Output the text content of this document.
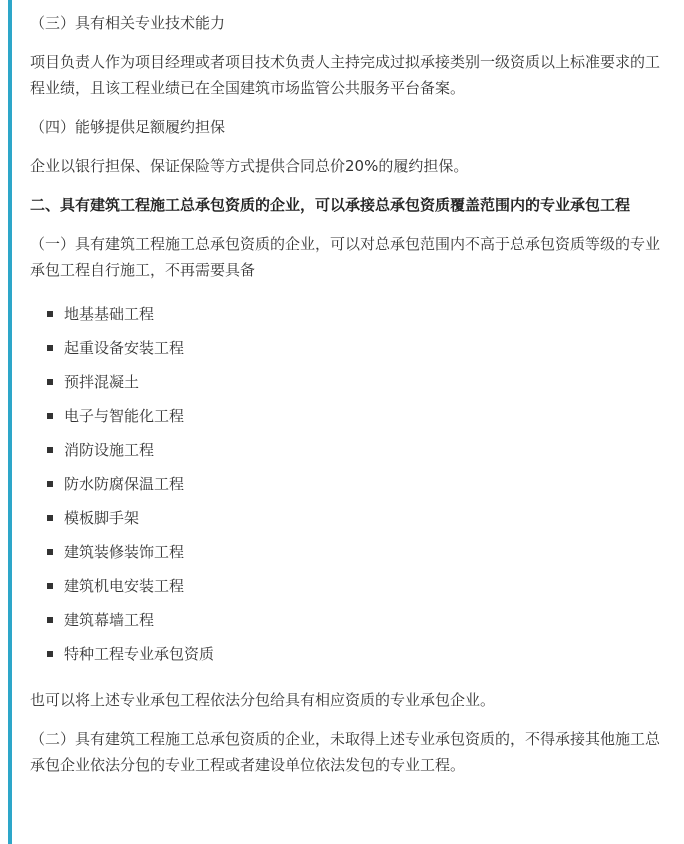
（三）具有相关专业技术能力

项目负责人作为项目经理或者项目技术负责人主持完成过拟承接类别一级资质以上标准要求的工程业绩，且该工程业绩已在全国建筑市场监管公共服务平台备案。

（四）能够提供足额履约担保

企业以银行担保、保证保险等方式提供合同总价20%的履约担保。

二、具有建筑工程施工总承包资质的企业，可以承接总承包资质覆盖范围内的专业承包工程

（一）具有建筑工程施工总承包资质的企业，可以对总承包范围内不高于总承包资质等级的专业承包工程自行施工，不再需要具备

地基基础工程
起重设备安装工程
预拌混凝土
电子与智能化工程
消防设施工程
防水防腐保温工程
模板脚手架
建筑装修装饰工程
建筑机电安装工程
建筑幕墙工程
特种工程专业承包资质

也可以将上述专业承包工程依法分包给具有相应资质的专业承包企业。

（二）具有建筑工程施工总承包资质的企业，未取得上述专业承包资质的，不得承接其他施工总承包企业依法分包的专业工程或者建设单位依法发包的专业工程。
